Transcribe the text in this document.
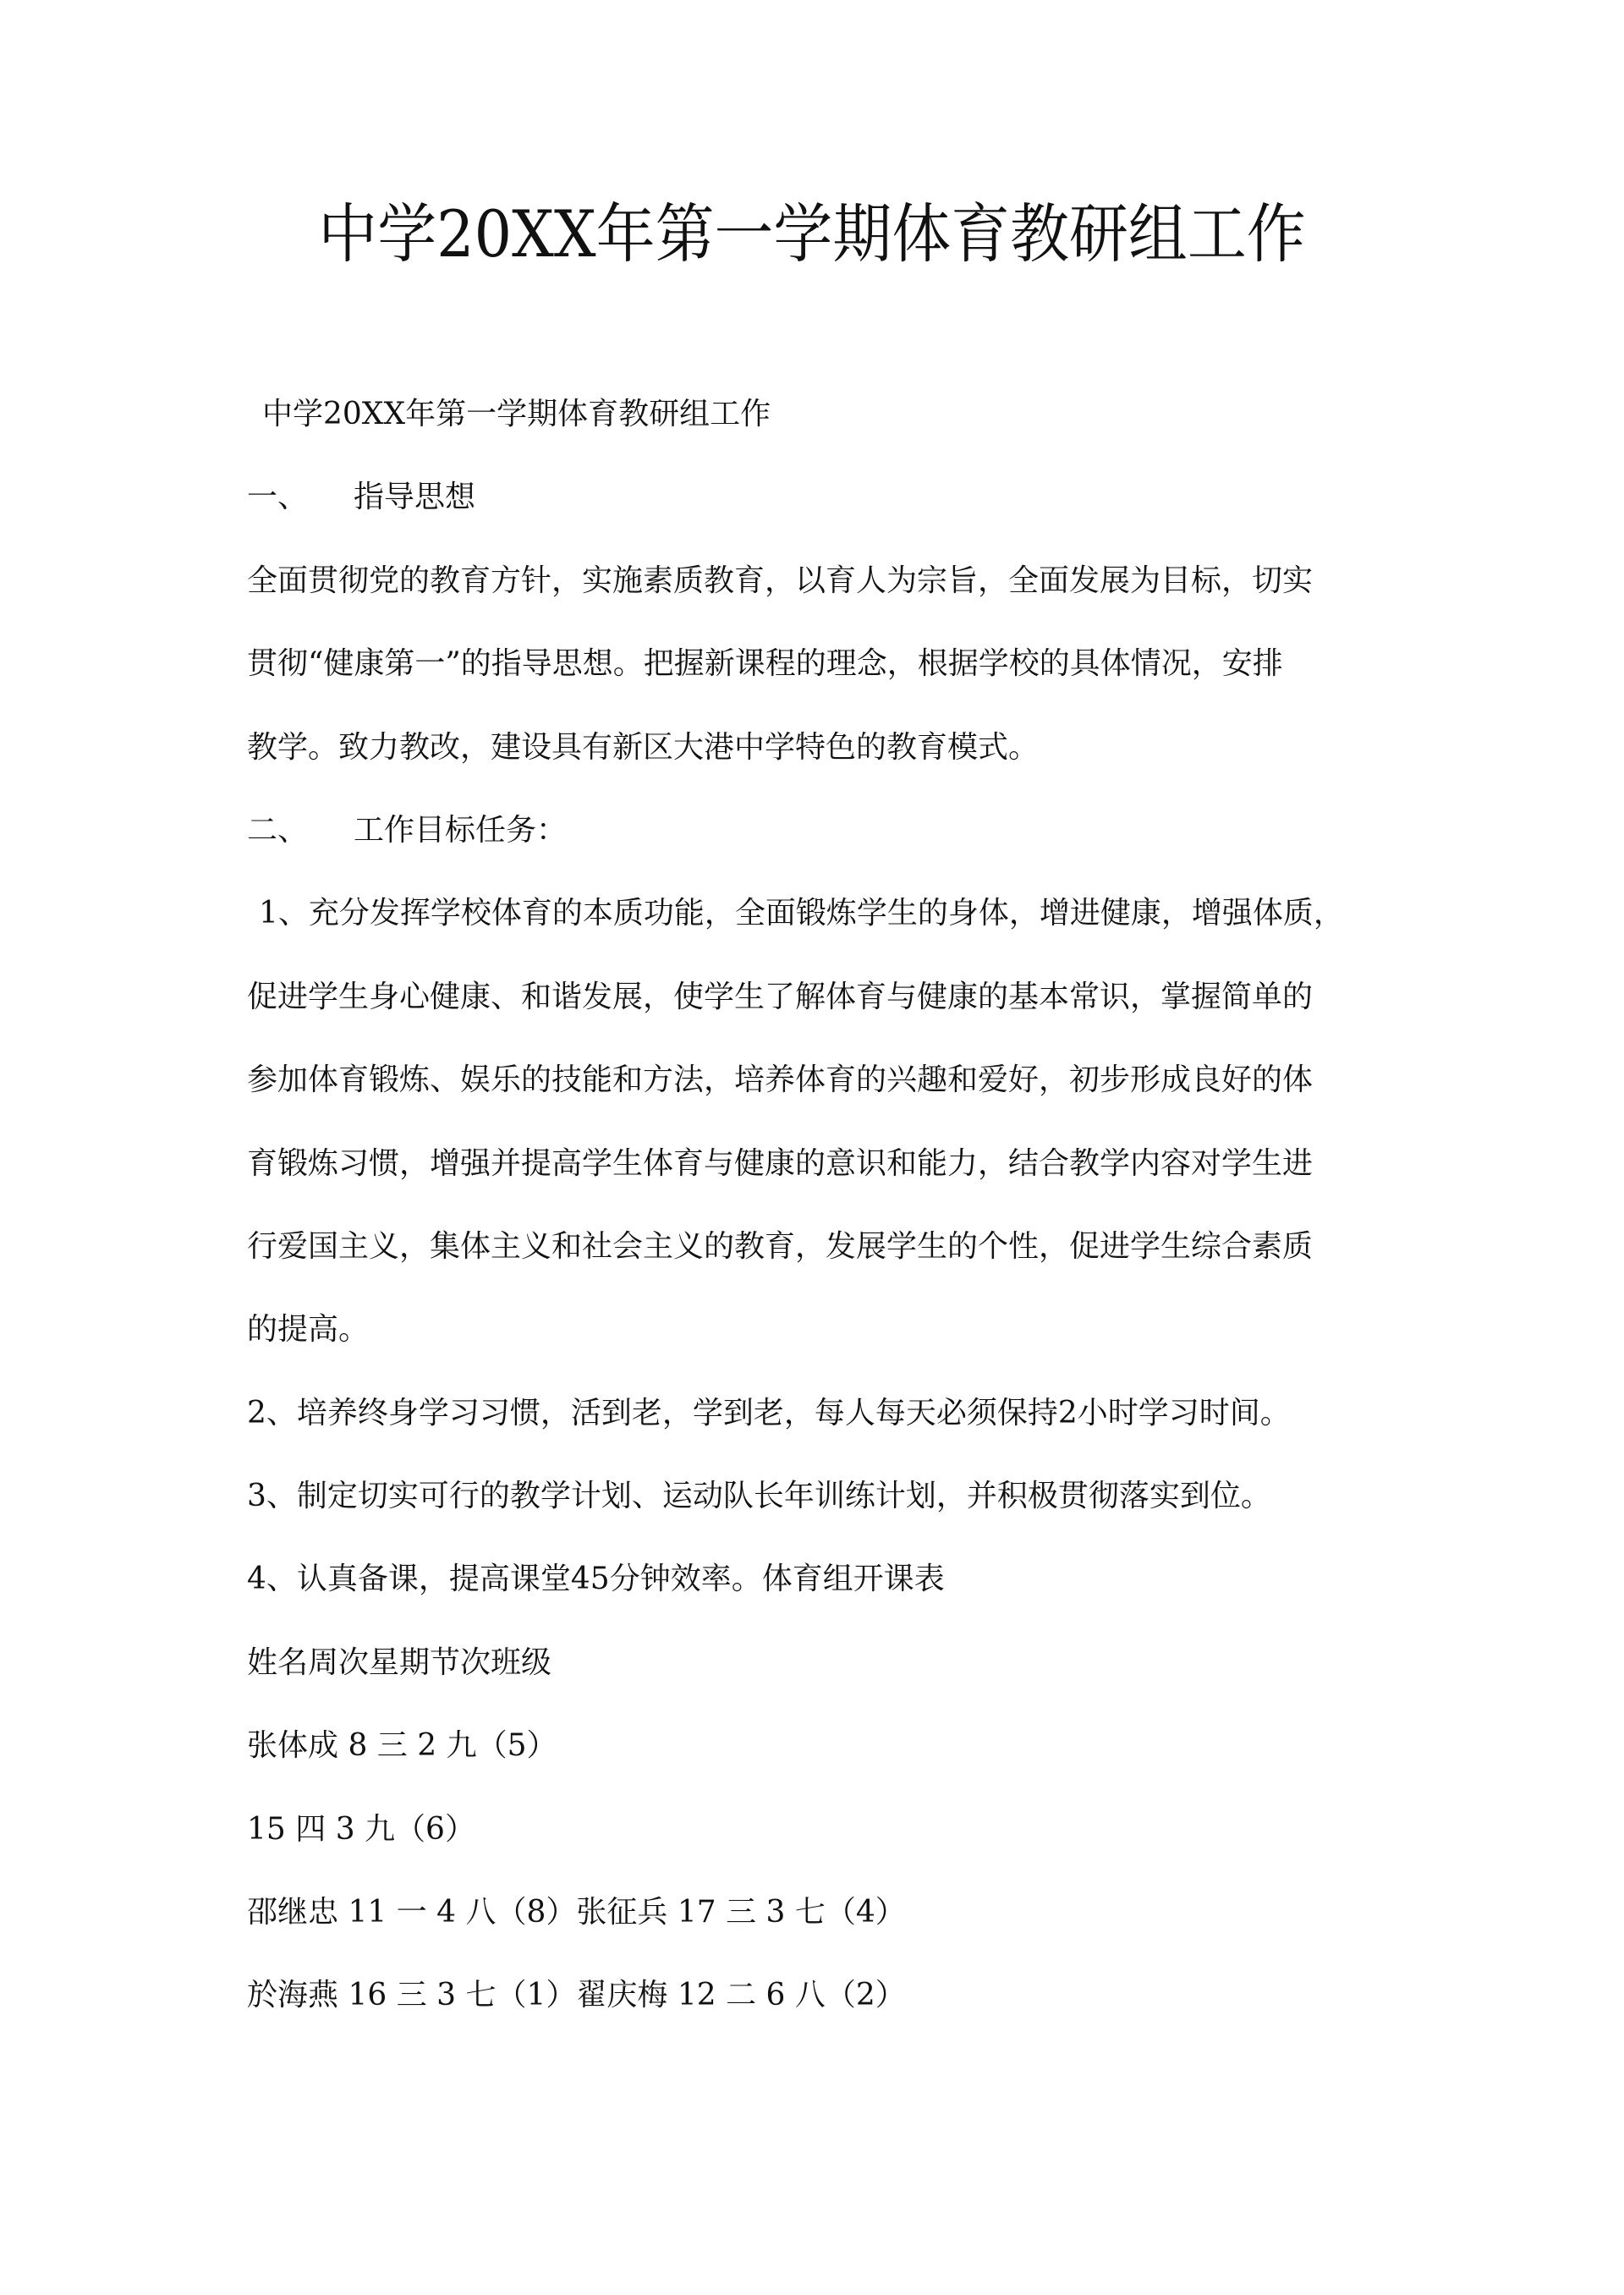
中学20XX年第一学期体育教研组工作

中学20XX年第一学期体育教研组工作

一、 指导思想

全面贯彻党的教育方针，实施素质教育，以育人为宗旨，全面发展为目标，切实

贯彻“健康第一”的指导思想。把握新课程的理念，根据学校的具体情况，安排

教学。致力教改，建设具有新区大港中学特色的教育模式。

二、 工作目标任务：

1、充分发挥学校体育的本质功能，全面锻炼学生的身体，增进健康，增强体质，

促进学生身心健康、和谐发展，使学生了解体育与健康的基本常识，掌握简单的

参加体育锻炼、娱乐的技能和方法，培养体育的兴趣和爱好，初步形成良好的体

育锻炼习惯，增强并提高学生体育与健康的意识和能力，结合教学内容对学生进

行爱国主义，集体主义和社会主义的教育，发展学生的个性，促进学生综合素质

的提高。

2、培养终身学习习惯，活到老，学到老，每人每天必须保持2小时学习时间。

3、制定切实可行的教学计划、运动队长年训练计划，并积极贯彻落实到位。

4、认真备课，提高课堂45分钟效率。体育组开课表

姓名周次星期节次班级

张体成 8 三 2 九（5）

15 四 3 九（6）

邵继忠 11 一 4 八（8）张征兵 17 三 3 七（4）

於海燕 16 三 3 七（1）翟庆梅 12 二 6 八（2）
